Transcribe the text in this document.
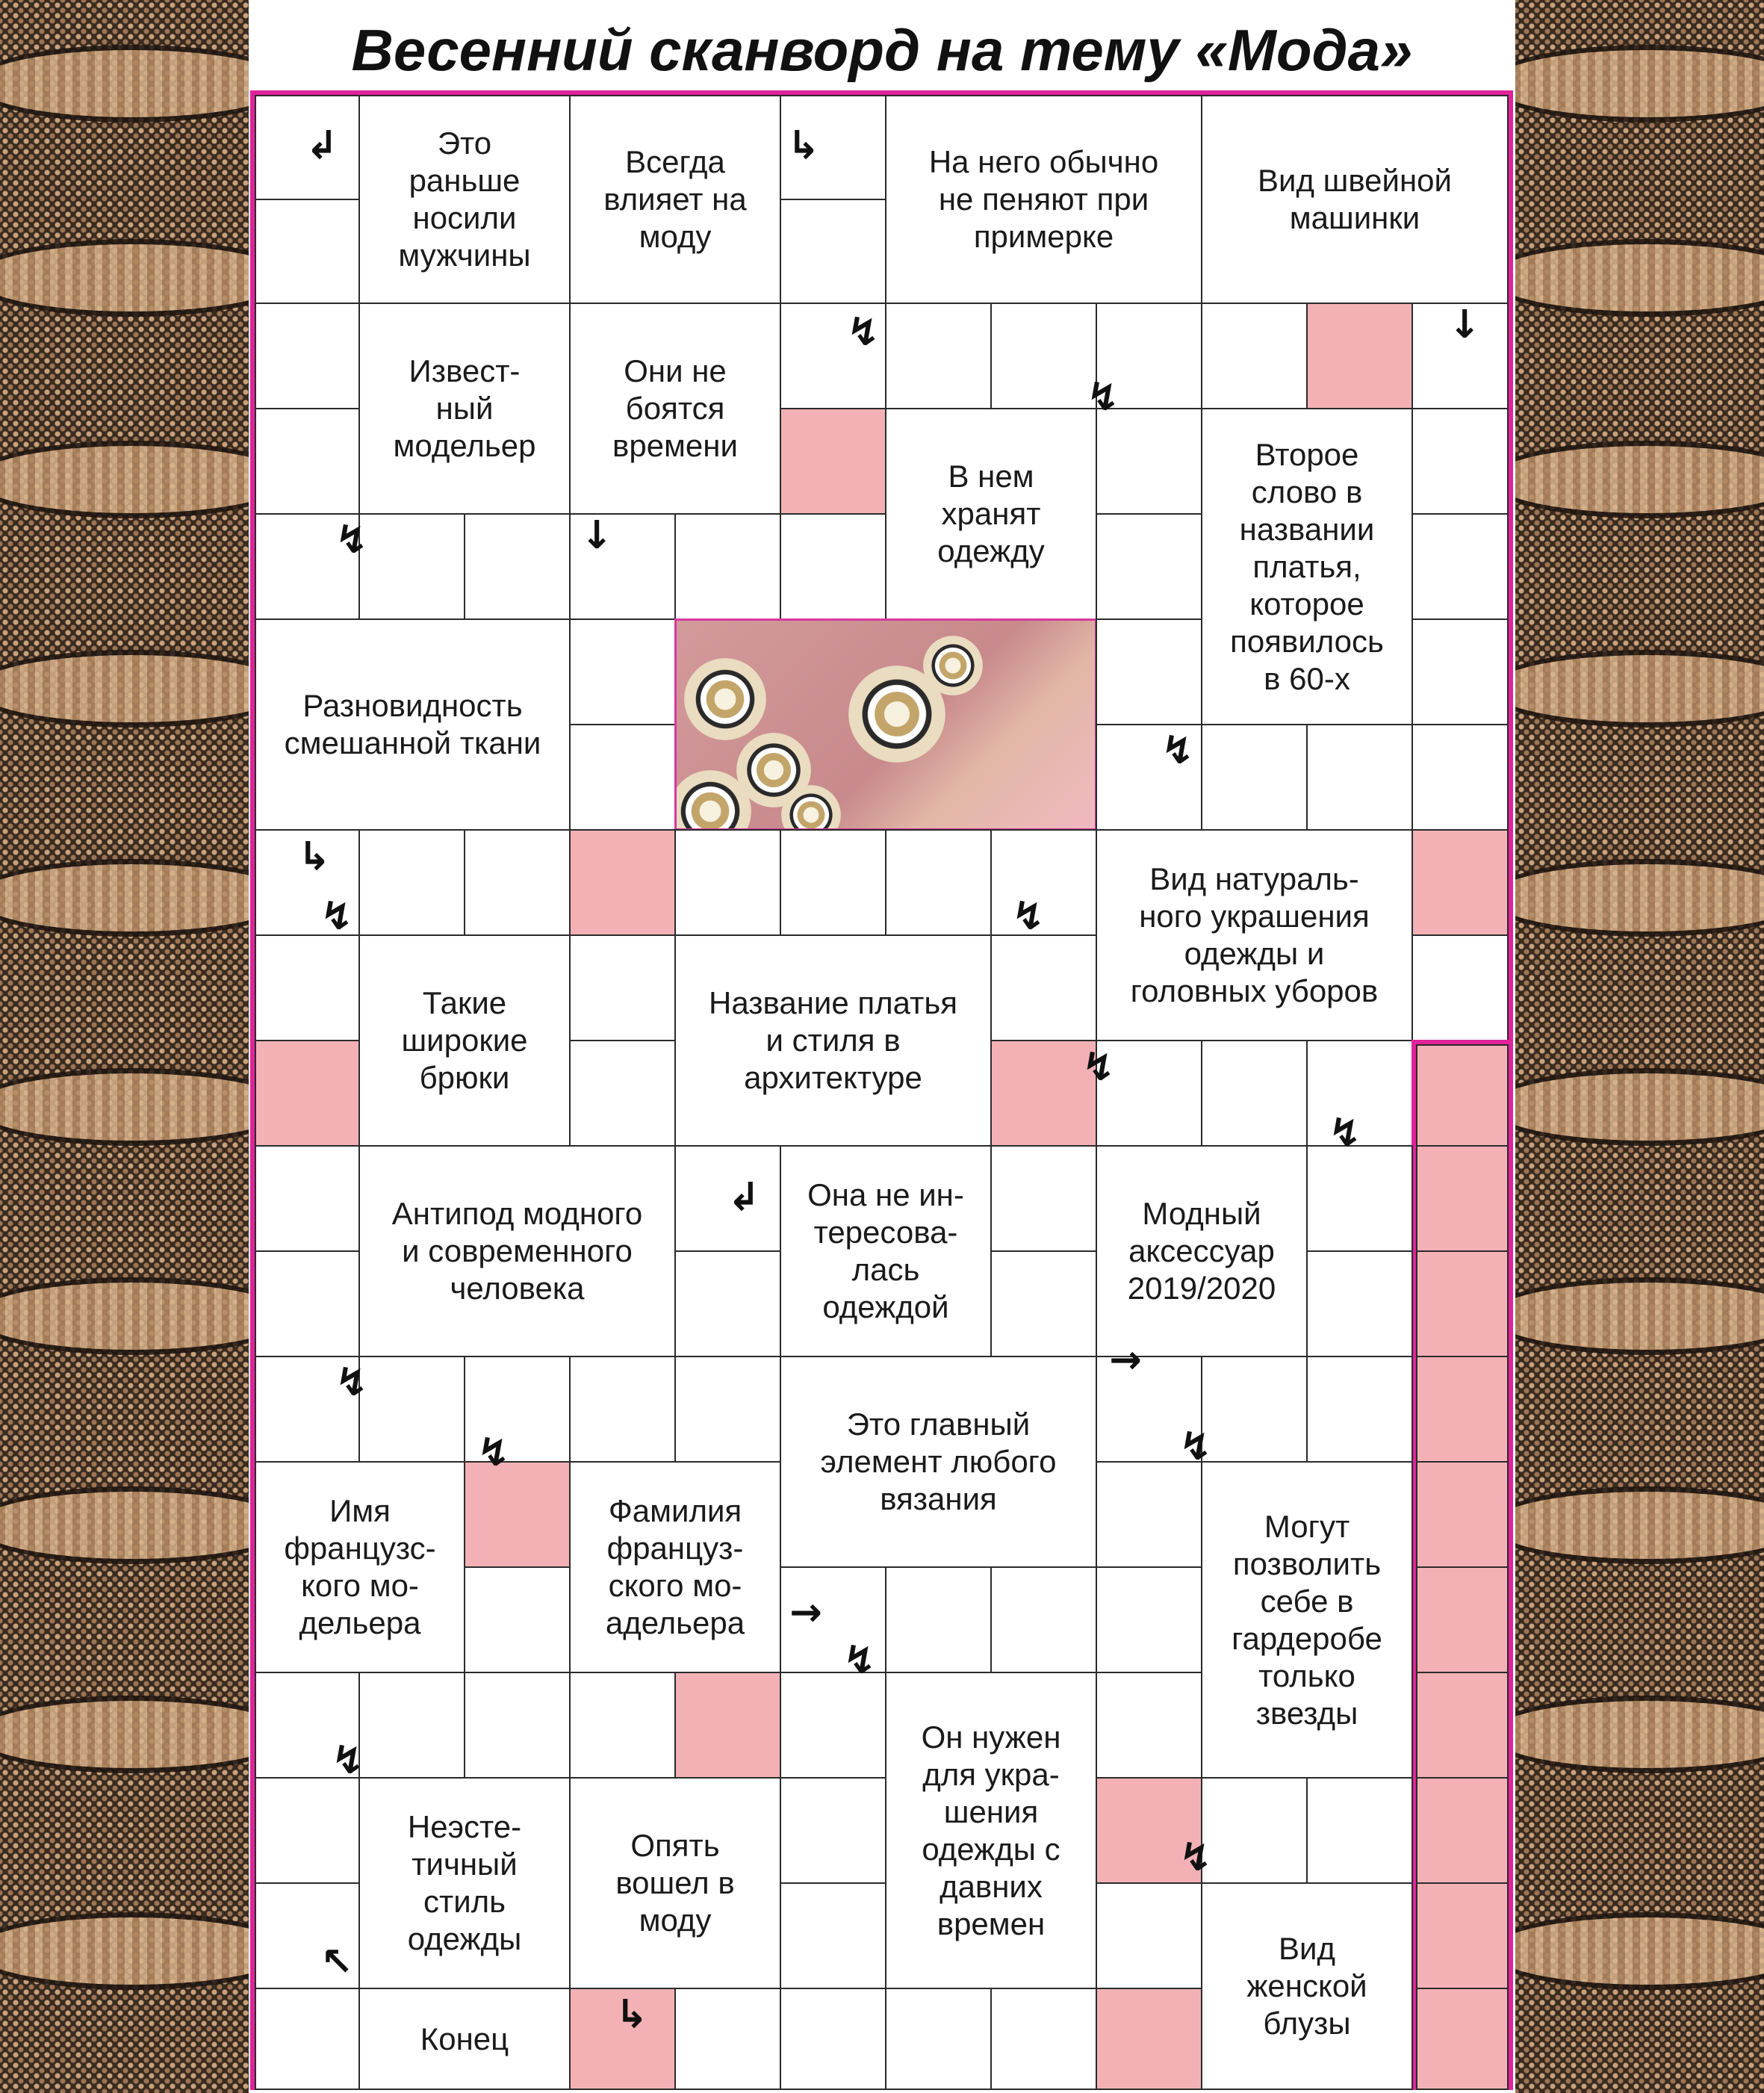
Весенний сканворд на тему «Мода»
Это
раньше
носили
мужчины
Всегда
влияет на
моду
На него обычно
не пеняют при
примерке
Вид швейной
машинки
Извест-
ный
модельер
Они не
боятся
времени
В нем
хранят
одежду
Второе
слово в
названии
платья,
которое
появилось
в 60-х
Разновидность
смешанной ткани
Вид натураль-
ного украшения
одежды и
головных уборов
Такие
широкие
брюки
Название платья
и стиля в
архитектуре
Антипод модного
и современного
человека
Она не ин-
тересова-
лась
одеждой
Модный
аксессуар
2019/2020
Это главный
элемент любого
вязания
Имя
французс-
кого мо-
дельера
Фамилия
француз-
ского мо-
адельера
Могут
позволить
себе в
гардеробе
только
звезды
Он нужен
для укра-
шения
одежды с
давних
времен
Неэсте-
тичный
стиль
одежды
Опять
вошел в
моду
Вид
женской
блузы
Конец
↲	↳
↯
↯
↓
↯	↓
↯
↳
↯	↯
↯
↯
↲
↯	→
↯	↯
→
↯
↯
↯
↖
↳
